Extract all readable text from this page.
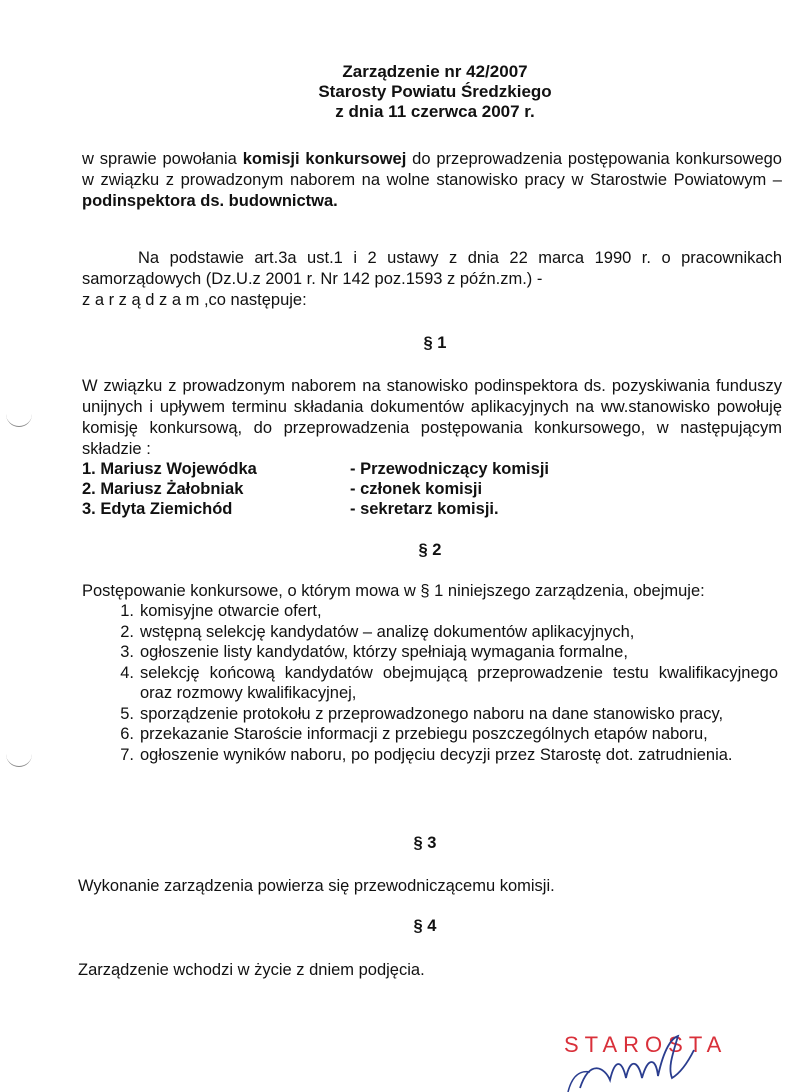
Zarządzenie nr 42/2007
Starosty Powiatu Średzkiego
z dnia 11 czerwca 2007 r.
w sprawie powołania komisji konkursowej do przeprowadzenia postępowania konkursowego w związku z prowadzonym naborem na wolne stanowisko pracy w Starostwie Powiatowym – podinspektora ds. budownictwa.
Na podstawie art.3a ust.1 i 2 ustawy z dnia 22 marca 1990 r. o pracownikach samorządowych (Dz.U.z 2001 r. Nr 142 poz.1593 z późn.zm.) -
z a r z ą d z a m ,co następuje:
§ 1
W związku z prowadzonym naborem na stanowisko podinspektora ds. pozyskiwania funduszy unijnych i upływem terminu składania dokumentów aplikacyjnych na ww.stanowisko powołuję komisję konkursową, do przeprowadzenia postępowania konkursowego, w następującym składzie :
1. Mariusz Wojewódka	- Przewodniczący komisji
2. Mariusz Żałobniak	- członek komisji
3. Edyta Ziemichód	- sekretarz komisji.
§ 2
Postępowanie konkursowe, o którym mowa w § 1 niniejszego zarządzenia, obejmuje:
1. komisyjne otwarcie ofert,
2. wstępną selekcję kandydatów – analizę dokumentów aplikacyjnych,
3. ogłoszenie listy kandydatów, którzy spełniają wymagania formalne,
4. selekcję końcową kandydatów obejmującą przeprowadzenie testu kwalifikacyjnego oraz rozmowy kwalifikacyjnej,
5. sporządzenie protokołu z przeprowadzonego naboru na dane stanowisko pracy,
6. przekazanie Staroście informacji z przebiegu poszczególnych etapów naboru,
7. ogłoszenie wyników naboru, po podjęciu decyzji przez Starostę dot. zatrudnienia.
§ 3
Wykonanie zarządzenia powierza się przewodniczącemu komisji.
§ 4
Zarządzenie wchodzi w życie z dniem podjęcia.
STAROSTA
